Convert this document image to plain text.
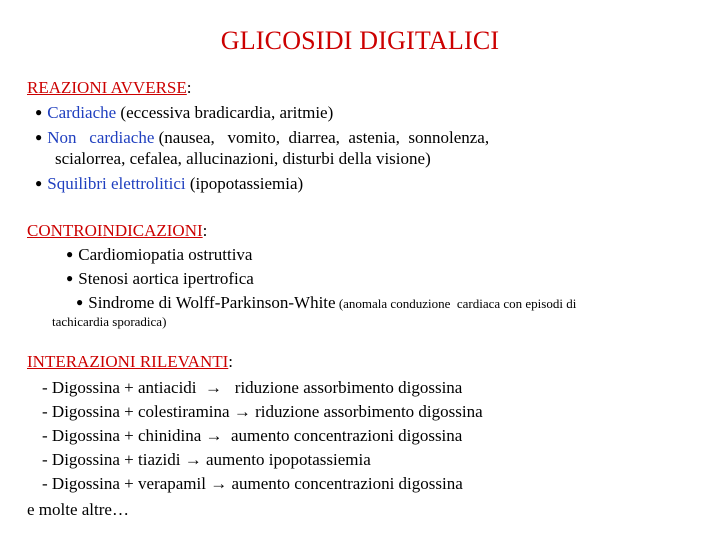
GLICOSIDI DIGITALICI
REAZIONI AVVERSE:
● Cardiache (eccessiva bradicardia, aritmie)
● Non   cardiache (nausea,   vomito,  diarrea,  astenia,  sonnolenza,
scialorrea, cefalea, allucinazioni, disturbi della visione)
● Squilibri elettrolitici (ipopotassiemia)
CONTROINDICAZIONI:
● Cardiomiopatia ostruttiva
● Stenosi aortica ipertrofica
● Sindrome di Wolff-Parkinson-White (anomala conduzione  cardiaca con episodi di
tachicardia sporadica)
INTERAZIONI RILEVANTI:
- Digossina + antiacidi  →   riduzione assorbimento digossina
- Digossina + colestiramina → riduzione assorbimento digossina
- Digossina + chinidina →  aumento concentrazioni digossina
- Digossina + tiazidi → aumento ipopotassiemia
- Digossina + verapamil → aumento concentrazioni digossina
e molte altre…
